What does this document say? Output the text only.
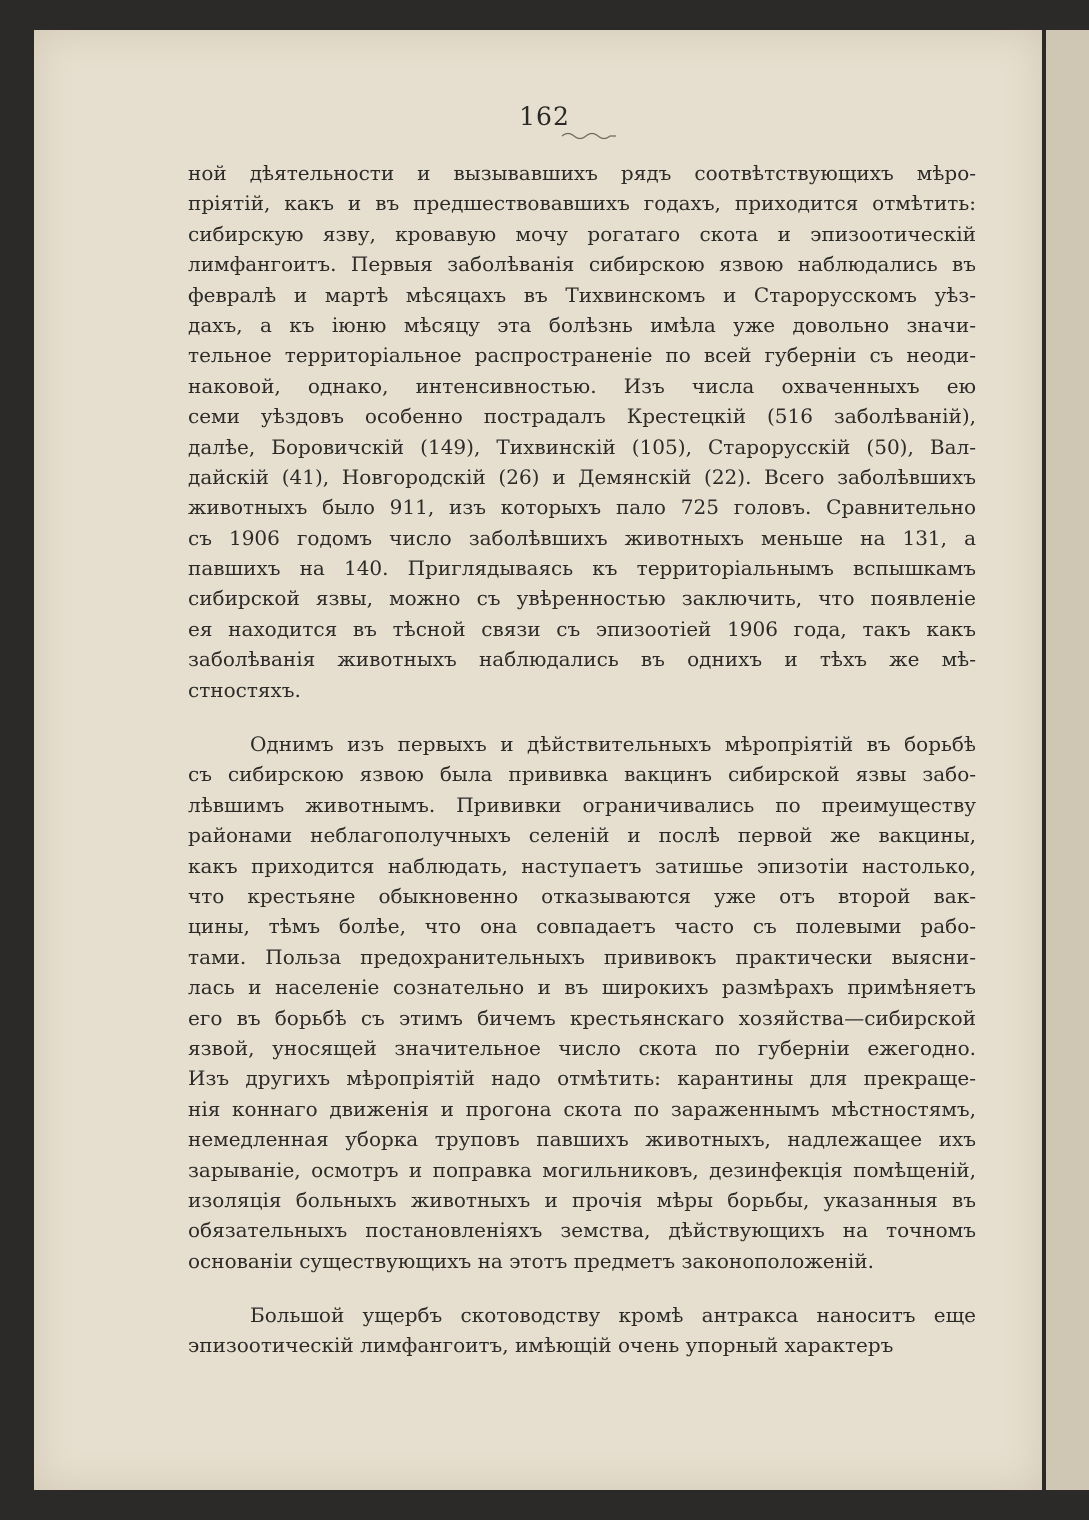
162
ной дѣятельности и вызывавшихъ рядъ соотвѣтствующихъ мѣро-
пріятій, какъ и въ предшествовавшихъ годахъ, приходится отмѣтить:
сибирскую язву, кровавую мочу рогатаго скота и эпизоотическій
лимфангоитъ. Первыя заболѣванія сибирскою язвою наблюдались въ
февралѣ и мартѣ мѣсяцахъ въ Тихвинскомъ и Старорусскомъ уѣз-
дахъ, а къ іюню мѣсяцу эта болѣзнь имѣла уже довольно значи-
тельное территоріальное распространеніе по всей губерніи съ неоди-
наковой, однако, интенсивностью. Изъ числа охваченныхъ ею
семи уѣздовъ особенно пострадалъ Крестецкій (516 заболѣваній),
далѣе, Боровичскій (149), Тихвинскій (105), Старорусскій (50), Вал-
дайскій (41), Новгородскій (26) и Демянскій (22). Всего заболѣвшихъ
животныхъ было 911, изъ которыхъ пало 725 головъ. Сравнительно
съ 1906 годомъ число заболѣвшихъ животныхъ меньше на 131, а
павшихъ на 140. Приглядываясь къ территоріальнымъ вспышкамъ
сибирской язвы, можно съ увѣренностью заключить, что появленіе
ея находится въ тѣсной связи съ эпизоотіей 1906 года, такъ какъ
заболѣванія животныхъ наблюдались въ однихъ и тѣхъ же мѣ-
стностяхъ.
Однимъ изъ первыхъ и дѣйствительныхъ мѣропріятій въ борьбѣ
съ сибирскою язвою была прививка вакцинъ сибирской язвы забо-
лѣвшимъ животнымъ. Прививки ограничивались по преимуществу
районами неблагополучныхъ селеній и послѣ первой же вакцины,
какъ приходится наблюдать, наступаетъ затишье эпизотіи настолько,
что крестьяне обыкновенно отказываются уже отъ второй вак-
цины, тѣмъ болѣе, что она совпадаетъ часто съ полевыми рабо-
тами. Польза предохранительныхъ прививокъ практически выясни-
лась и населеніе сознательно и въ широкихъ размѣрахъ примѣняетъ
его въ борьбѣ съ этимъ бичемъ крестьянскаго хозяйства—сибирской
язвой, уносящей значительное число скота по губерніи ежегодно.
Изъ другихъ мѣропріятій надо отмѣтить: карантины для прекраще-
нія коннаго движенія и прогона скота по зараженнымъ мѣстностямъ,
немедленная уборка труповъ павшихъ животныхъ, надлежащее ихъ
зарываніе, осмотръ и поправка могильниковъ, дезинфекція помѣщеній,
изоляція больныхъ животныхъ и прочія мѣры борьбы, указанныя въ
обязательныхъ постановленіяхъ земства, дѣйствующихъ на точномъ
основаніи существующихъ на этотъ предметъ законоположеній.
Большой ущербъ скотоводству кромѣ антракса наноситъ еще
эпизоотическій лимфангоитъ, имѣющій очень упорный характеръ
